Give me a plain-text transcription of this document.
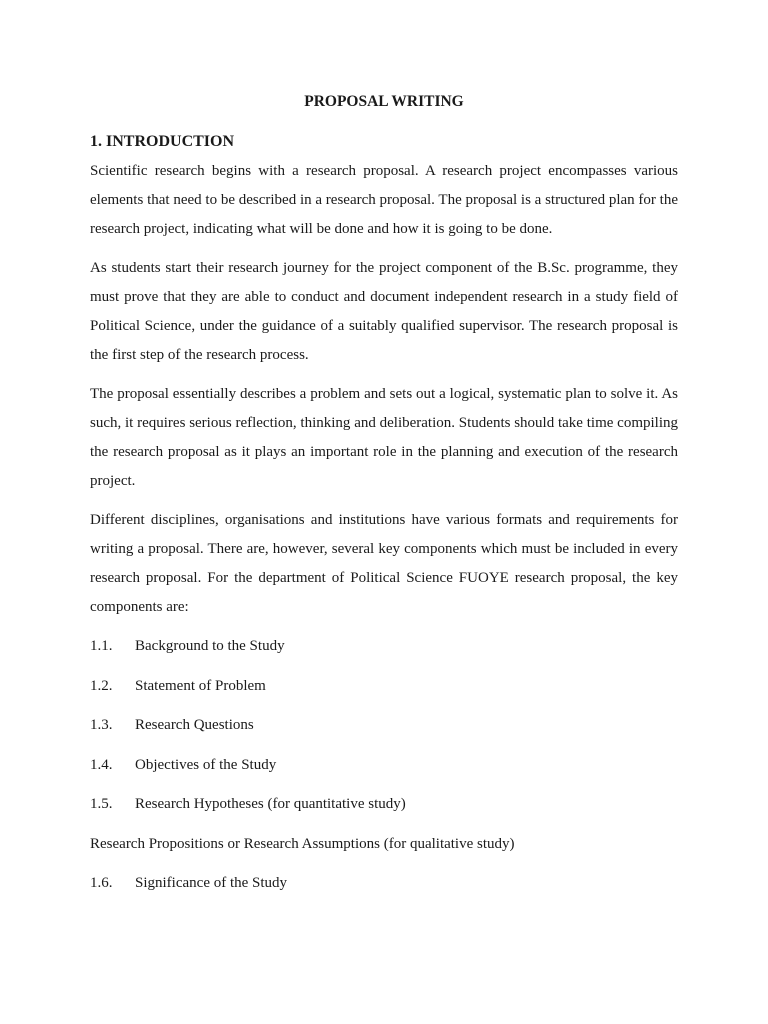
PROPOSAL WRITING
1. INTRODUCTION

Scientific research begins with a research proposal. A research project encompasses various elements that need to be described in a research proposal. The proposal is a structured plan for the research project, indicating what will be done and how it is going to be done.

As students start their research journey for the project component of the B.Sc. programme, they must prove that they are able to conduct and document independent research in a study field of Political Science, under the guidance of a suitably qualified supervisor. The research proposal is the first step of the research process.

The proposal essentially describes a problem and sets out a logical, systematic plan to solve it. As such, it requires serious reflection, thinking and deliberation. Students should take time compiling the research proposal as it plays an important role in the planning and execution of the research project.

Different disciplines, organisations and institutions have various formats and requirements for writing a proposal. There are, however, several key components which must be included in every research proposal. For the department of Political Science FUOYE research proposal, the key components are:

1.1.	Background to the Study
1.2.	Statement of Problem
1.3.	Research Questions
1.4.	Objectives of the Study
1.5.	Research Hypotheses (for quantitative study)
Research Propositions or Research Assumptions (for qualitative study)
1.6.	Significance of the Study
